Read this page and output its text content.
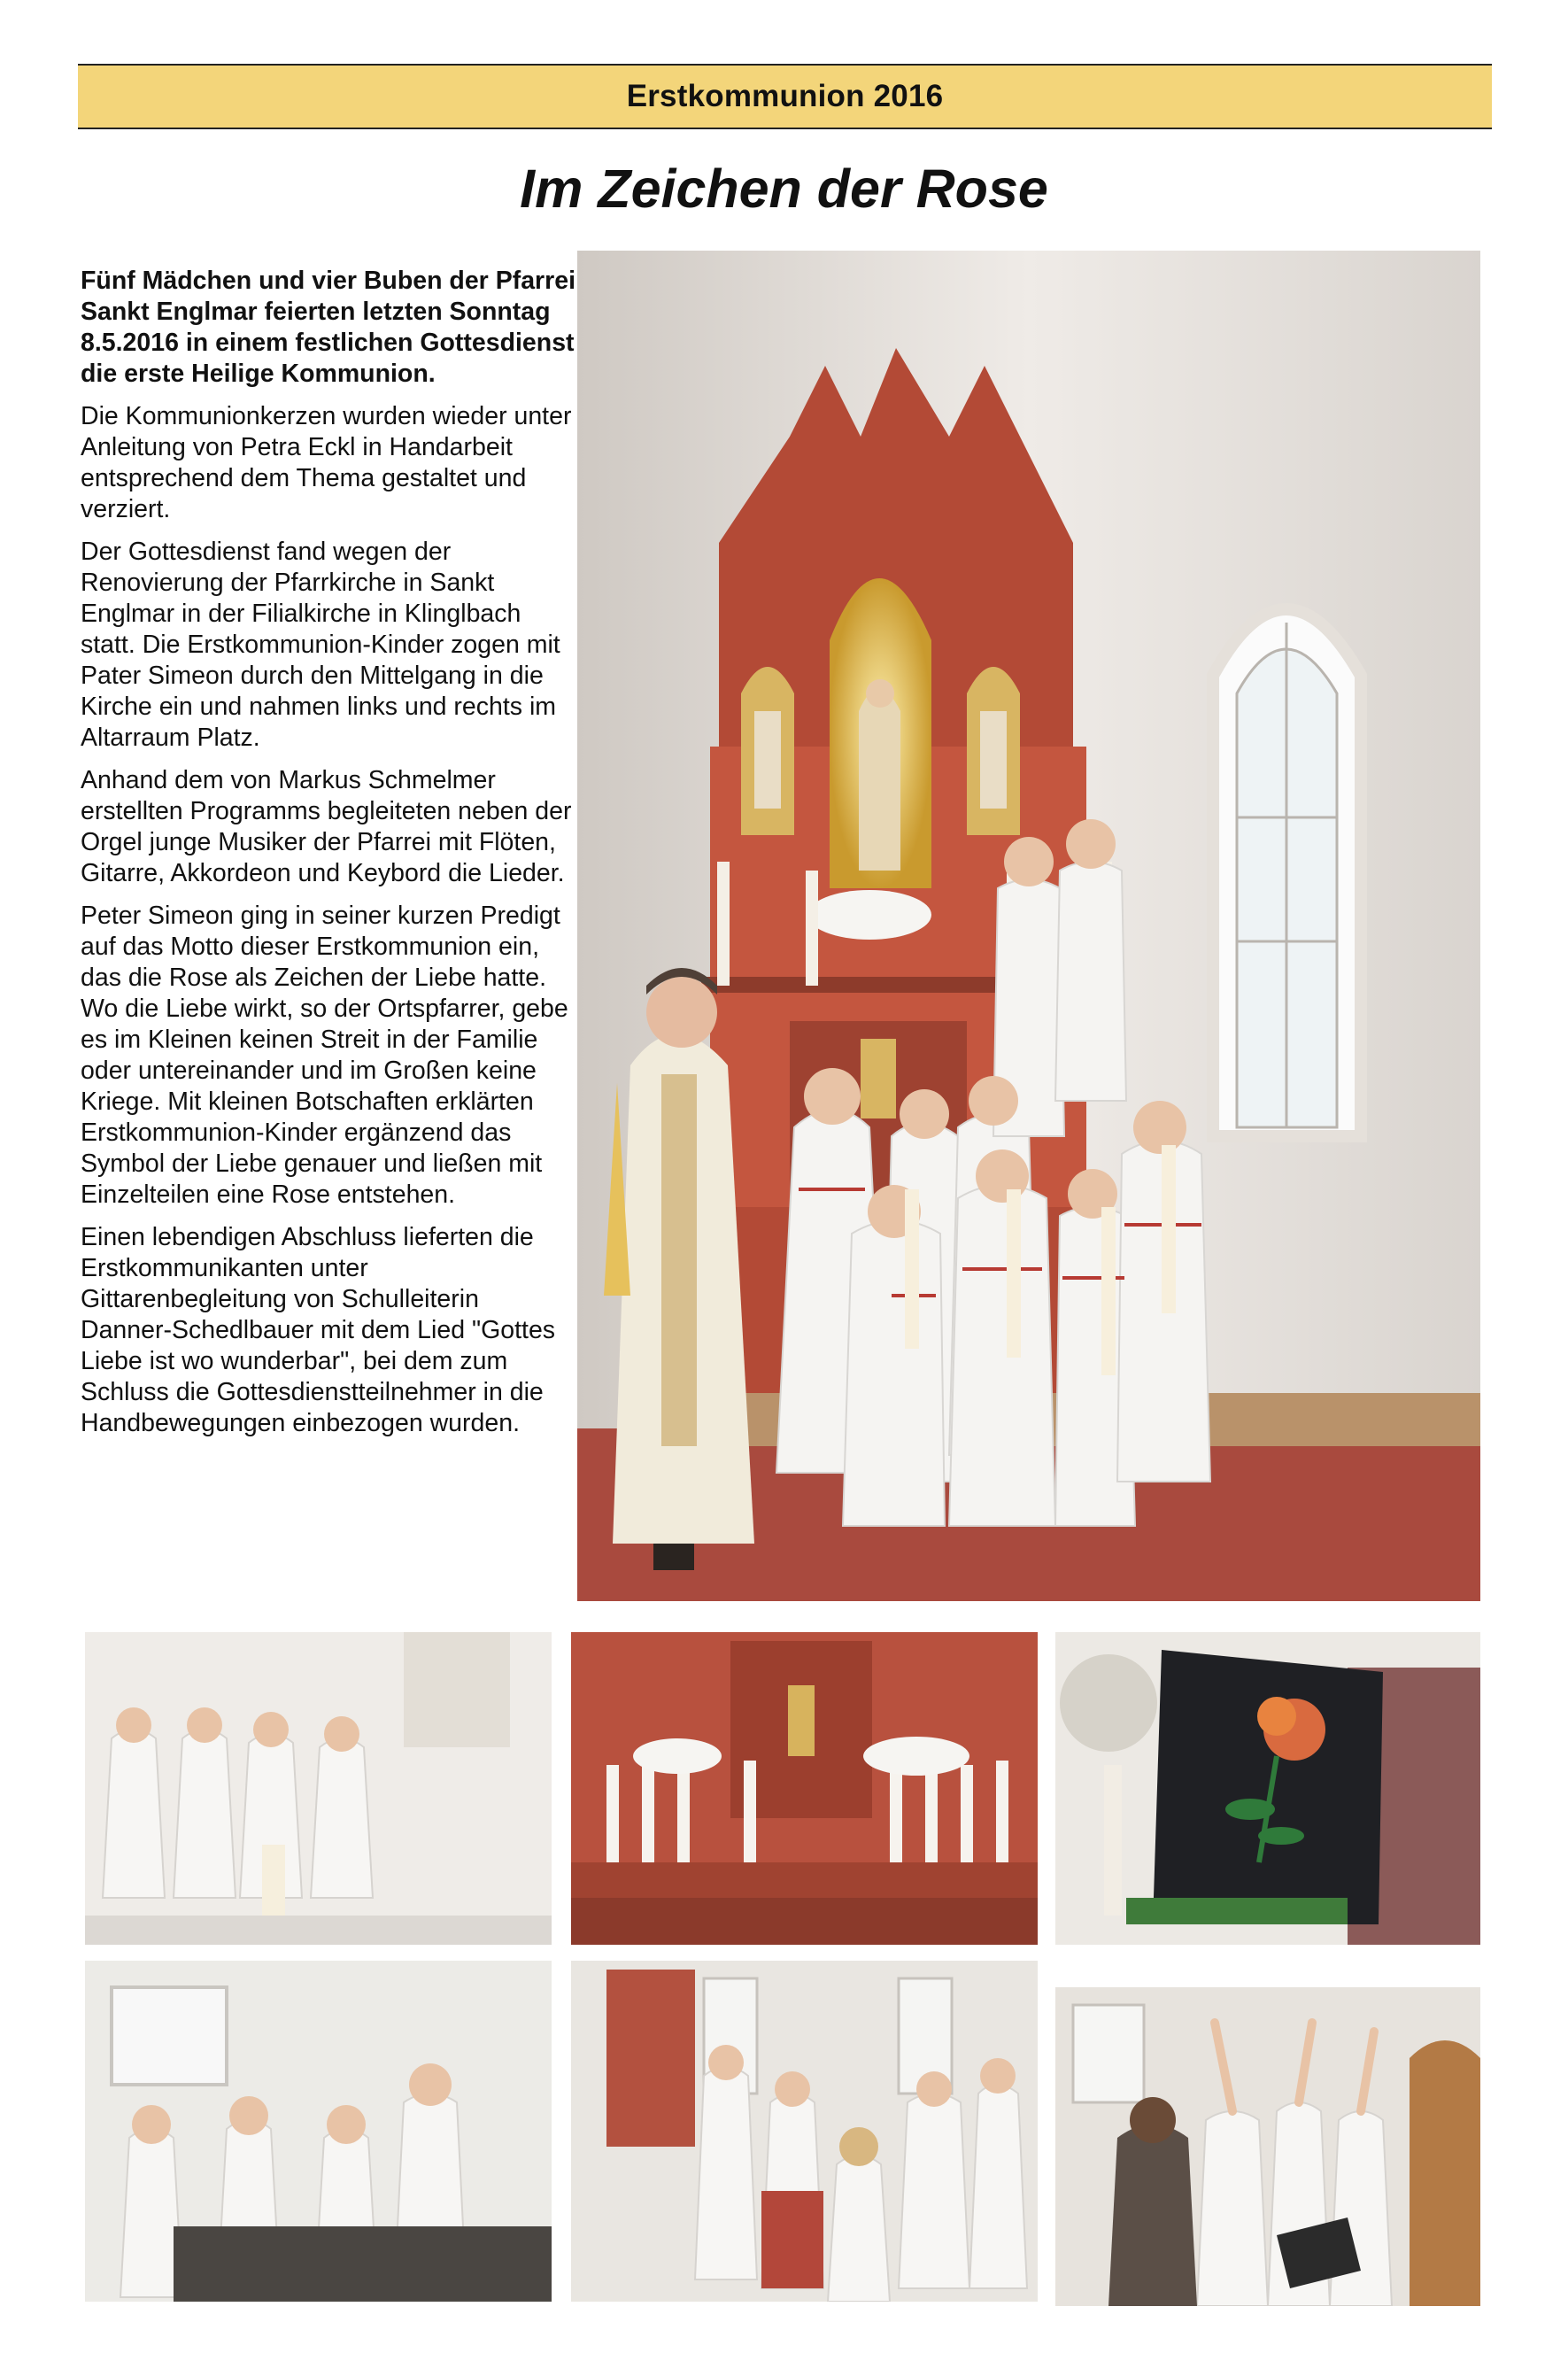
Erstkommunion 2016
Im Zeichen der Rose

Fünf Mädchen und vier Buben der Pfarrei Sankt Englmar feierten letzten Sonntag 8.5.2016 in einem festlichen Gottesdienst die erste Heilige Kommunion.

Die Kommunionkerzen wurden wieder unter Anleitung von Petra Eckl in Handarbeit entsprechend dem Thema gestaltet und verziert.

Der Gottesdienst fand wegen der Renovierung der Pfarrkirche in Sankt Englmar in der Filialkirche in Klinglbach statt. Die Erstkommunion-Kinder zogen mit Pater Simeon durch den Mittelgang in die Kirche ein und nahmen links und rechts im Altarraum Platz.

Anhand dem von Markus Schmelmer erstellten Programms begleiteten neben der Orgel junge Musiker der Pfarrei mit Flöten, Gitarre, Akkordeon und Keybord die Lieder.

Peter Simeon ging in seiner kurzen Predigt auf das Motto dieser Erstkommunion ein, das die Rose als Zeichen der Liebe hatte. Wo die Liebe wirkt, so der Ortspfarrer, gebe es im Kleinen keinen Streit in der Familie oder untereinander und im Großen keine Kriege. Mit kleinen Botschaften erklärten Erstkommunion-Kinder ergänzend das Symbol der Liebe genauer und ließen mit Einzelteilen eine Rose entstehen.

Einen lebendigen Abschluss lieferten die Erstkommunikanten unter Gittarenbegleitung von Schulleiterin Danner-Schedlbauer mit dem Lied "Gottes Liebe ist wo wunderbar", bei dem zum Schluss die Gottesdienstteilnehmer in die Handbewegungen einbezogen wurden.
